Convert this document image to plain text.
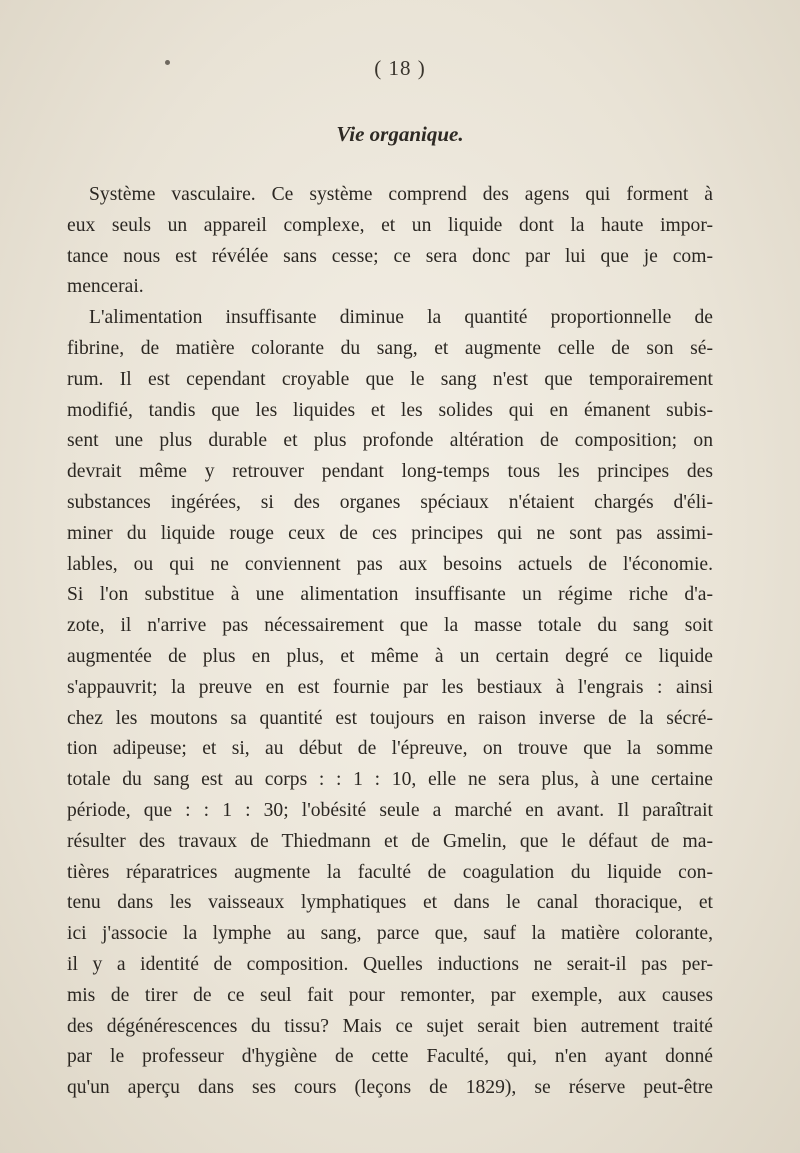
( 18 )
Vie organique.
Système vasculaire. Ce système comprend des agens qui forment à
eux seuls un appareil complexe, et un liquide dont la haute impor-
tance nous est révélée sans cesse; ce sera donc par lui que je com-
mencerai.
L'alimentation insuffisante diminue la quantité proportionnelle de
fibrine, de matière colorante du sang, et augmente celle de son sé-
rum. Il est cependant croyable que le sang n'est que temporairement
modifié, tandis que les liquides et les solides qui en émanent subis-
sent une plus durable et plus profonde altération de composition; on
devrait même y retrouver pendant long-temps tous les principes des
substances ingérées, si des organes spéciaux n'étaient chargés d'éli-
miner du liquide rouge ceux de ces principes qui ne sont pas assimi-
lables, ou qui ne conviennent pas aux besoins actuels de l'économie.
Si l'on substitue à une alimentation insuffisante un régime riche d'a-
zote, il n'arrive pas nécessairement que la masse totale du sang soit
augmentée de plus en plus, et même à un certain degré ce liquide
s'appauvrit; la preuve en est fournie par les bestiaux à l'engrais : ainsi
chez les moutons sa quantité est toujours en raison inverse de la sécré-
tion adipeuse; et si, au début de l'épreuve, on trouve que la somme
totale du sang est au corps : : 1 : 10, elle ne sera plus, à une certaine
période, que : : 1 : 30; l'obésité seule a marché en avant. Il paraîtrait
résulter des travaux de Thiedmann et de Gmelin, que le défaut de ma-
tières réparatrices augmente la faculté de coagulation du liquide con-
tenu dans les vaisseaux lymphatiques et dans le canal thoracique, et
ici j'associe la lymphe au sang, parce que, sauf la matière colorante,
il y a identité de composition. Quelles inductions ne serait-il pas per-
mis de tirer de ce seul fait pour remonter, par exemple, aux causes
des dégénérescences du tissu? Mais ce sujet serait bien autrement traité
par le professeur d'hygiène de cette Faculté, qui, n'en ayant donné
qu'un aperçu dans ses cours (leçons de 1829), se réserve peut-être
